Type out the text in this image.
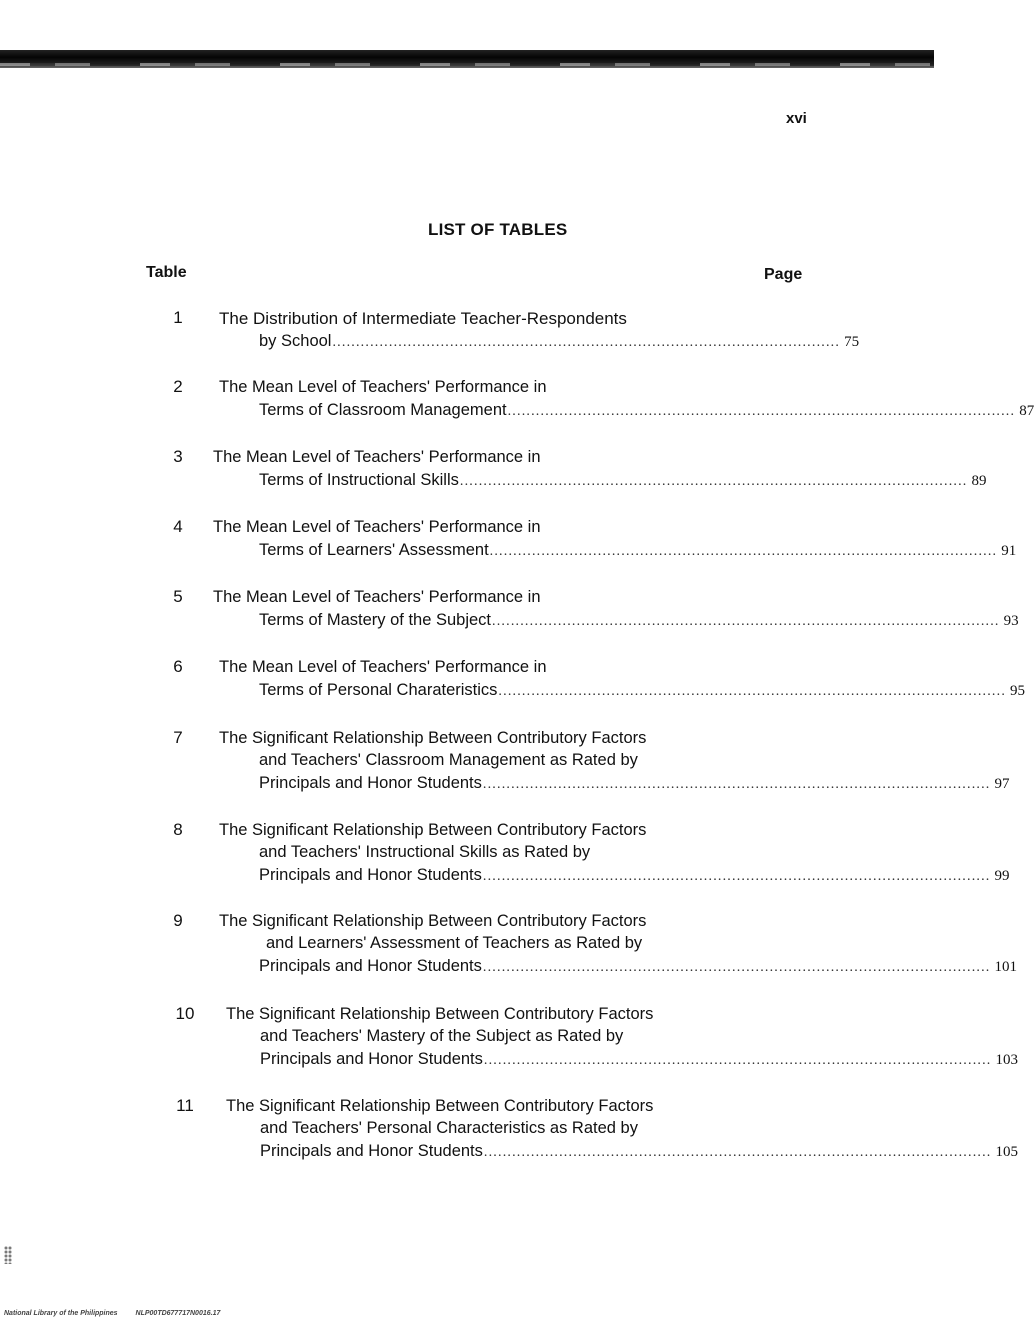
xvi
LIST OF TABLES
Table	Page
1	The Distribution of Intermediate Teacher-Respondents
by School ............................................................................................................ 75
2	The Mean Level of Teachers' Performance in
Terms of Classroom Management ............................................................................................................ 87
3	The Mean Level of Teachers' Performance in
Terms of Instructional Skills ............................................................................................................ 89
4	The Mean Level of Teachers' Performance in
Terms of Learners' Assessment ............................................................................................................ 91
5	The Mean Level of Teachers' Performance in
Terms of Mastery of the Subject ............................................................................................................ 93
6	The Mean Level of Teachers' Performance in
Terms of Personal Charateristics ............................................................................................................ 95
7	The Significant Relationship Between Contributory Factors
and Teachers' Classroom Management as Rated by
Principals and Honor Students ............................................................................................................ 97
8	The Significant Relationship Between Contributory Factors
and Teachers' Instructional Skills as Rated by
Principals and Honor Students ............................................................................................................ 99
9	The Significant Relationship Between Contributory Factors
and Learners' Assessment of Teachers as Rated by
Principals and Honor Students ............................................................................................................ 101
10	The Significant Relationship Between Contributory Factors
and Teachers' Mastery of the Subject as Rated by
Principals and Honor Students ............................................................................................................ 103
11	The Significant Relationship Between Contributory Factors
and Teachers' Personal Characteristics as Rated by
Principals and Honor Students ............................................................................................................ 105
National Library of the Philippines	NLP00TD677717N0016.17
